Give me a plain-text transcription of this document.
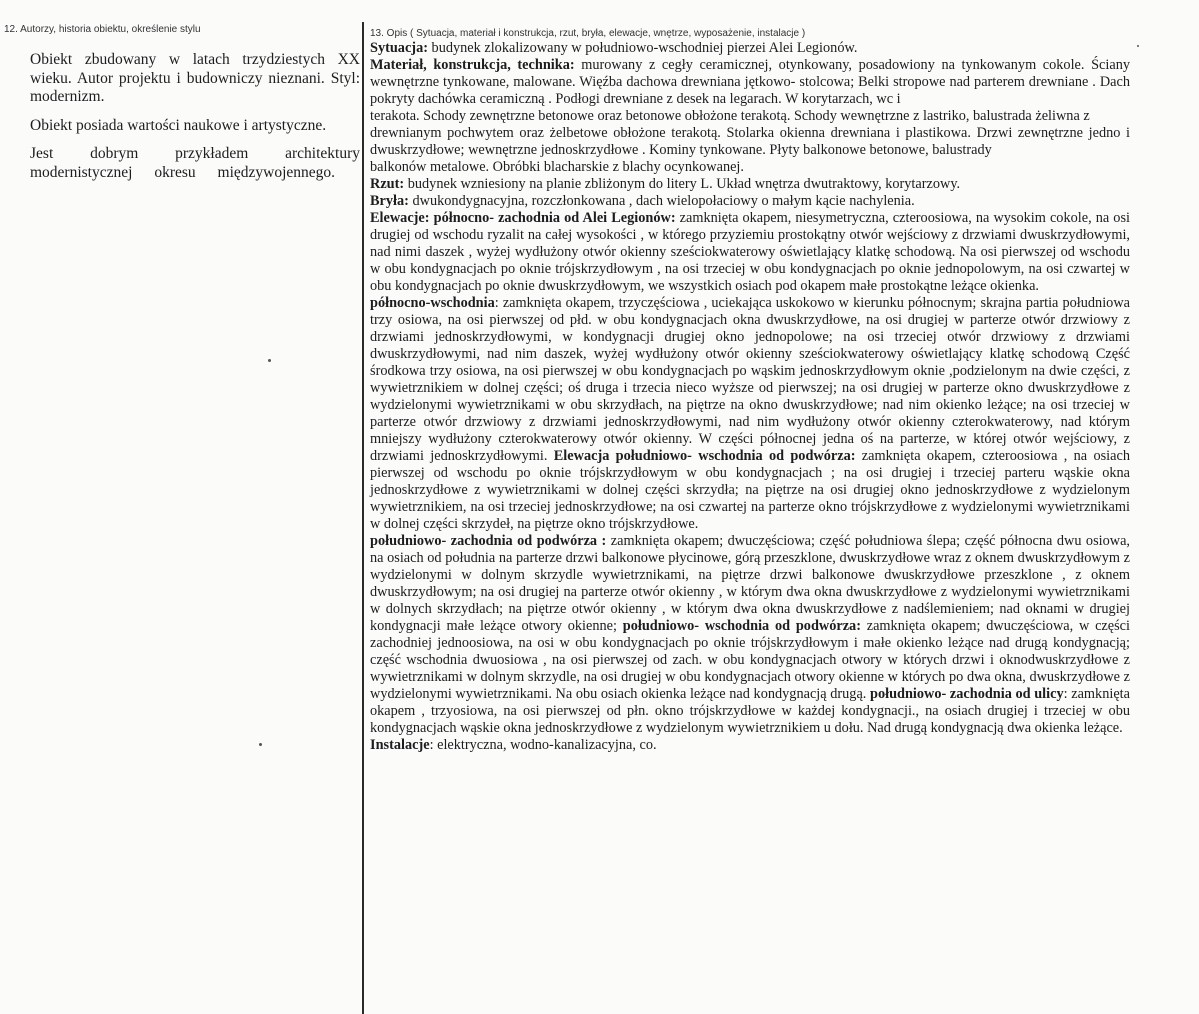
12. Autorzy, historia obiektu, określenie stylu

Obiekt zbudowany w latach trzydziestych XX wieku. Autor projektu i budowniczy nieznani. Styl: modernizm.

Obiekt posiada wartości naukowe i artystyczne.

Jest dobrym przykładem architektury modernistycznej okresu międzywojennego.

13. Opis ( Sytuacja, materiał i konstrukcja, rzut, bryła, elewacje, wnętrze, wyposażenie, instalacje )

Sytuacja: budynek zlokalizowany w południowo-wschodniej pierzei Alei Legionów.

Materiał, konstrukcja, technika: murowany z cegły ceramicznej, otynkowany, posadowiony na tynkowanym cokole. Ściany wewnętrzne tynkowane, malowane. Więźba dachowa drewniana jętkowo- stolcowa; Belki stropowe nad parterem drewniane . Dach pokryty dachówka ceramiczną . Podłogi drewniane z desek na legarach. W korytarzach, wc i

terakota. Schody zewnętrzne betonowe oraz betonowe obłożone terakotą. Schody wewnętrzne z lastriko, balustrada żeliwna z

drewnianym pochwytem oraz żelbetowe obłożone terakotą. Stolarka okienna drewniana i plastikowa. Drzwi zewnętrzne jedno i dwuskrzydłowe; wewnętrzne jednoskrzydłowe . Kominy tynkowane. Płyty balkonowe betonowe, balustrady

balkonów metalowe. Obróbki blacharskie z blachy ocynkowanej.

Rzut: budynek wzniesiony na planie zbliżonym do litery L. Układ wnętrza dwutraktowy, korytarzowy.

Bryła: dwukondygnacyjna, rozczłonkowana , dach wielopołaciowy o małym kącie nachylenia.

Elewacje: północno- zachodnia od Alei Legionów: zamknięta okapem, niesymetryczna, czteroosiowa, na wysokim cokole, na osi drugiej od wschodu ryzalit na całej wysokości , w którego przyziemiu prostokątny otwór wejściowy z drzwiami dwuskrzydłowymi, nad nimi daszek , wyżej wydłużony otwór okienny sześciokwaterowy oświetlający klatkę schodową. Na osi pierwszej od wschodu w obu kondygnacjach po oknie trójskrzydłowym , na osi trzeciej w obu kondygnacjach po oknie jednopolowym, na osi czwartej w obu kondygnacjach po oknie dwuskrzydłowym, we wszystkich osiach pod okapem małe prostokątne leżące okienka.

północno-wschodnia: zamknięta okapem, trzyczęściowa , uciekająca uskokowo w kierunku północnym; skrajna partia południowa trzy osiowa, na osi pierwszej od płd. w obu kondygnacjach okna dwuskrzydłowe, na osi drugiej w parterze otwór drzwiowy z drzwiami jednoskrzydłowymi, w kondygnacji drugiej okno jednopolowe; na osi trzeciej otwór drzwiowy z drzwiami dwuskrzydłowymi, nad nim daszek, wyżej wydłużony otwór okienny sześciokwaterowy oświetlający klatkę schodową Część środkowa trzy osiowa, na osi pierwszej w obu kondygnacjach po wąskim jednoskrzydłowym oknie ,podzielonym na dwie części, z wywietrznikiem w dolnej części; oś druga i trzecia nieco wyższe od pierwszej; na osi drugiej w parterze okno dwuskrzydłowe z wydzielonymi wywietrznikami w obu skrzydłach, na piętrze na okno dwuskrzydłowe; nad nim okienko leżące; na osi trzeciej w parterze otwór drzwiowy z drzwiami jednoskrzydłowymi, nad nim wydłużony otwór okienny czterokwaterowy, nad którym mniejszy wydłużony czterokwaterowy otwór okienny. W części północnej jedna oś na parterze, w której otwór wejściowy, z drzwiami jednoskrzydłowymi. Elewacja południowo- wschodnia od podwórza: zamknięta okapem, czteroosiowa , na osiach pierwszej od wschodu po oknie trójskrzydłowym w obu kondygnacjach ; na osi drugiej i trzeciej parteru wąskie okna jednoskrzydłowe z wywietrznikami w dolnej części skrzydła; na piętrze na osi drugiej okno jednoskrzydłowe z wydzielonym wywietrznikiem, na osi trzeciej jednoskrzydłowe; na osi czwartej na parterze okno trójskrzydłowe z wydzielonymi wywietrznikami w dolnej części skrzydeł, na piętrze okno trójskrzydłowe.

południowo- zachodnia od podwórza : zamknięta okapem; dwuczęściowa; część południowa ślepa; część północna dwu osiowa, na osiach od południa na parterze drzwi balkonowe płycinowe, górą przeszklone, dwuskrzydłowe wraz z oknem dwuskrzydłowym z wydzielonymi w dolnym skrzydle wywietrznikami, na piętrze drzwi balkonowe dwuskrzydłowe przeszklone , z oknem dwuskrzydłowym; na osi drugiej na parterze otwór okienny , w którym dwa okna dwuskrzydłowe z wydzielonymi wywietrznikami w dolnych skrzydłach; na piętrze otwór okienny , w którym dwa okna dwuskrzydłowe z nadślemieniem; nad oknami w drugiej kondygnacji małe leżące otwory okienne; południowo- wschodnia od podwórza: zamknięta okapem; dwuczęściowa, w części zachodniej jednoosiowa, na osi w obu kondygnacjach po oknie trójskrzydłowym i małe okienko leżące nad drugą kondygnacją; część wschodnia dwuosiowa , na osi pierwszej od zach. w obu kondygnacjach otwory w których drzwi i oknodwuskrzydłowe z wywietrznikami w dolnym skrzydle, na osi drugiej w obu kondygnacjach otwory okienne w których po dwa okna, dwuskrzydłowe z wydzielonymi wywietrznikami. Na obu osiach okienka leżące nad kondygnacją drugą. południowo- zachodnia od ulicy: zamknięta okapem , trzyosiowa, na osi pierwszej od płn. okno trójskrzydłowe w każdej kondygnacji., na osiach drugiej i trzeciej w obu kondygnacjach wąskie okna jednoskrzydłowe z wydzielonym wywietrznikiem u dołu. Nad drugą kondygnacją dwa okienka leżące.

Instalacje: elektryczna, wodno-kanalizacyjna, co.
